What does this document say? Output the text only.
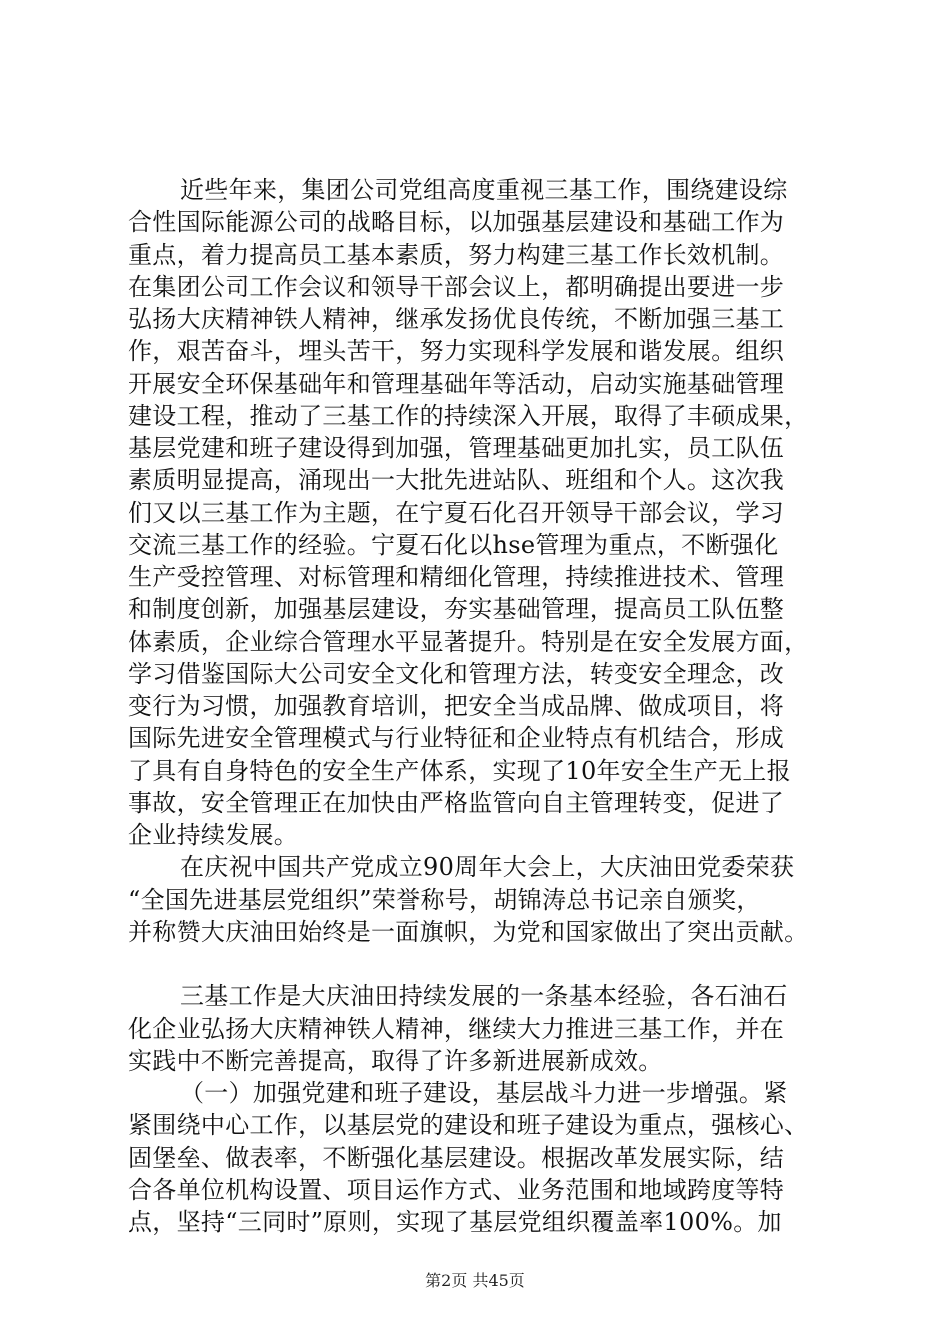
近些年来，集团公司党组高度重视三基工作，围绕建设综
合性国际能源公司的战略目标，以加强基层建设和基础工作为
重点，着力提高员工基本素质，努力构建三基工作长效机制。
在集团公司工作会议和领导干部会议上，都明确提出要进一步
弘扬大庆精神铁人精神，继承发扬优良传统，不断加强三基工
作，艰苦奋斗，埋头苦干，努力实现科学发展和谐发展。组织
开展安全环保基础年和管理基础年等活动，启动实施基础管理
建设工程，推动了三基工作的持续深入开展，取得了丰硕成果，
基层党建和班子建设得到加强，管理基础更加扎实，员工队伍
素质明显提高，涌现出一大批先进站队、班组和个人。这次我
们又以三基工作为主题，在宁夏石化召开领导干部会议，学习
交流三基工作的经验。宁夏石化以hse管理为重点，不断强化
生产受控管理、对标管理和精细化管理，持续推进技术、管理
和制度创新，加强基层建设，夯实基础管理，提高员工队伍整
体素质，企业综合管理水平显著提升。特别是在安全发展方面，
学习借鉴国际大公司安全文化和管理方法，转变安全理念，改
变行为习惯，加强教育培训，把安全当成品牌、做成项目，将
国际先进安全管理模式与行业特征和企业特点有机结合，形成
了具有自身特色的安全生产体系，实现了10年安全生产无上报
事故，安全管理正在加快由严格监管向自主管理转变，促进了
企业持续发展。
在庆祝中国共产党成立90周年大会上，大庆油田党委荣获
“全国先进基层党组织”荣誉称号，胡锦涛总书记亲自颁奖，
并称赞大庆油田始终是一面旗帜，为党和国家做出了突出贡献。
三基工作是大庆油田持续发展的一条基本经验，各石油石
化企业弘扬大庆精神铁人精神，继续大力推进三基工作，并在
实践中不断完善提高，取得了许多新进展新成效。
（一）加强党建和班子建设，基层战斗力进一步增强。紧
紧围绕中心工作，以基层党的建设和班子建设为重点，强核心、
固堡垒、做表率，不断强化基层建设。根据改革发展实际，结
合各单位机构设置、项目运作方式、业务范围和地域跨度等特
点，坚持“三同时”原则，实现了基层党组织覆盖率100%。加
第2页 共45页
